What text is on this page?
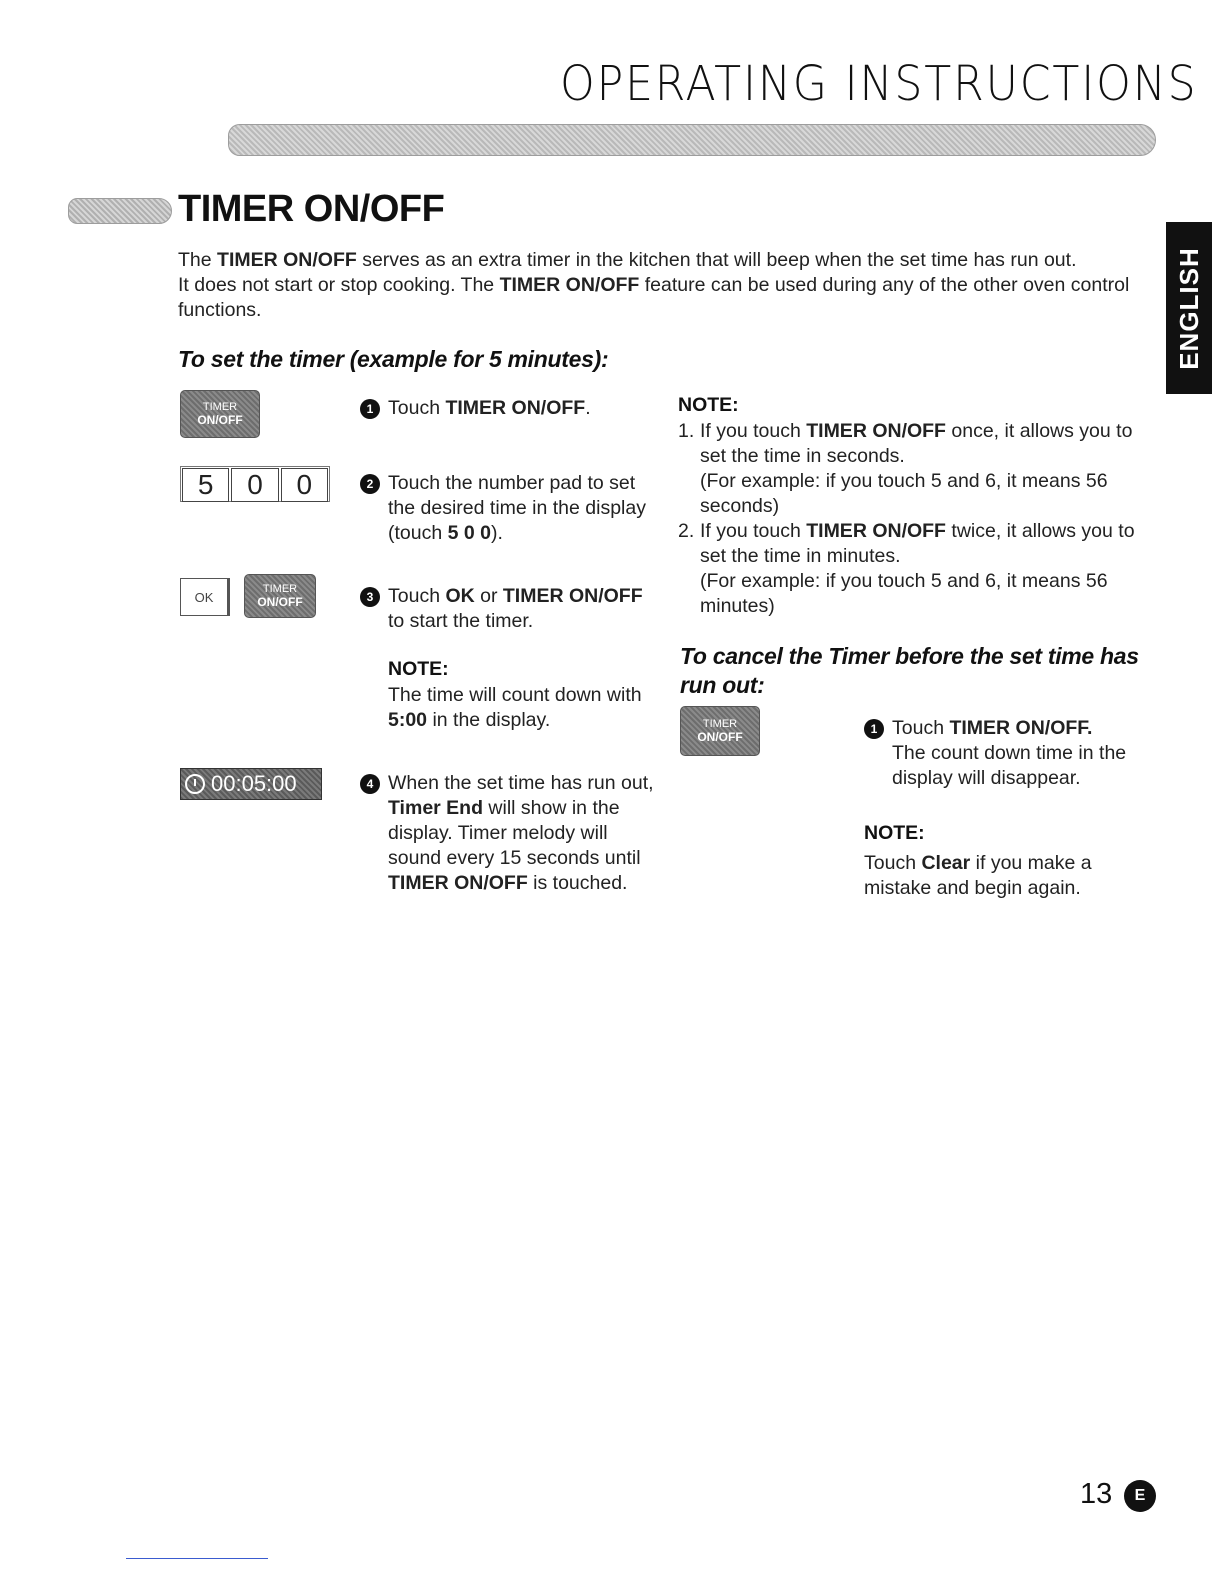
OPERATING INSTRUCTIONS
ENGLISH
TIMER ON/OFF
The TIMER ON/OFF serves as an extra timer in the kitchen that will beep when the set time has run out.
It does not start or stop cooking. The TIMER ON/OFF feature can be used during any of the other oven control functions.
To set the timer (example for 5 minutes):
TIMER
ON/OFF
5	0	0
OK
TIMER
ON/OFF
00:05:00
1 Touch TIMER ON/OFF.
2 Touch the number pad to set the desired time in the display (touch 5 0 0).
3 Touch OK or TIMER ON/OFF to start the timer.
NOTE:
The time will count down with 5:00 in the display.
4 When the set time has run out, Timer End will show in the display. Timer melody will sound every 15 seconds until TIMER ON/OFF is touched.
NOTE:
1. If you touch TIMER ON/OFF once, it allows you to set the time in seconds.
(For example: if you touch 5 and 6, it means 56 seconds)
2. If you touch TIMER ON/OFF twice, it allows you to set the time in minutes.
(For example: if you touch 5 and 6, it means 56 minutes)
To cancel the Timer before the set time has
run out:
TIMER
ON/OFF
1 Touch TIMER ON/OFF.
The count down time in the display will disappear.
NOTE:
Touch Clear if you make a mistake and begin again.
13	E
